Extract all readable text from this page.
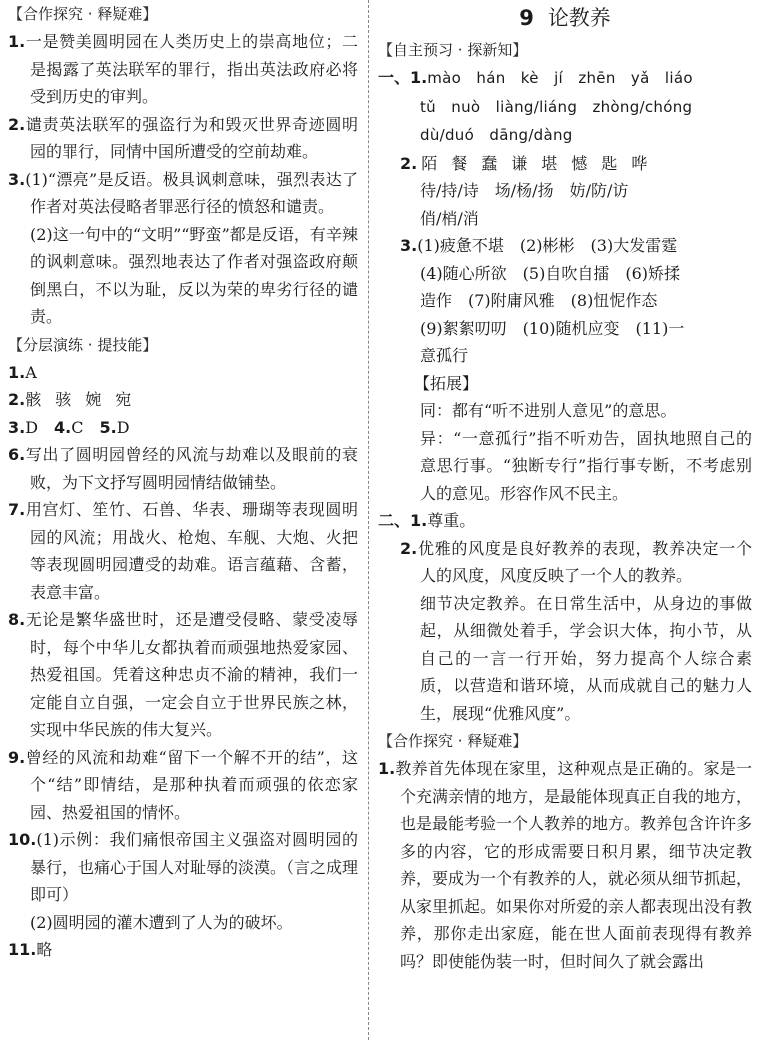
【合作探究 · 释疑难】
1.一是赞美圆明园在人类历史上的崇高地位；二是揭露了英法联军的罪行，指出英法政府必将受到历史的审判。
2.谴责英法联军的强盗行为和毁灭世界奇迹圆明园的罪行，同情中国所遭受的空前劫难。
3.(1)“漂亮”是反语。极具讽刺意味，强烈表达了作者对英法侵略者罪恶行径的愤怒和谴责。
(2)这一句中的“文明”“野蛮”都是反语，有辛辣的讽刺意味。强烈地表达了作者对强盗政府颠倒黑白，不以为耻，反以为荣的卑劣行径的谴责。
【分层演练 · 提技能】
1.A
2.骸 骇 婉 宛
3.D  4.C  5.D
6.写出了圆明园曾经的风流与劫难以及眼前的衰败，为下文抒写圆明园情结做铺垫。
7.用宫灯、笙竹、石兽、华表、珊瑚等表现圆明园的风流；用战火、枪炮、车舰、大炮、火把等表现圆明园遭受的劫难。语言蕴藉、含蓄，表意丰富。
8.无论是繁华盛世时，还是遭受侵略、蒙受凌辱时，每个中华儿女都执着而顽强地热爱家园、热爱祖国。凭着这种忠贞不渝的精神，我们一定能自立自强，一定会自立于世界民族之林，实现中华民族的伟大复兴。
9.曾经的风流和劫难“留下一个解不开的结”，这个“结”即情结，是那种执着而顽强的依恋家园、热爱祖国的情怀。
10.(1)示例：我们痛恨帝国主义强盗对圆明园的暴行，也痛心于国人对耻辱的淡漠。（言之成理即可）
(2)圆明园的灌木遭到了人为的破坏。
11.略
9 论教养
【自主预习 · 探新知】
一、1.mào　hán　kè　jí　zhēn　yǎ　liáo
tǔ　nuò　liàng/liáng　zhòng/chóng
dù/duó　dāng/dàng
2. 陌 餐 蠢 谦 堪 憾 匙 哗
待/持/诗　场/杨/扬　妨/防/访
俏/梢/消
3.(1)疲惫不堪　(2)彬彬　(3)大发雷霆
(4)随心所欲　(5)自吹自擂　(6)矫揉
造作　(7)附庸风雅　(8)忸怩作态
(9)絮絮叨叨　(10)随机应变　(11)一
意孤行
【拓展】
同：都有“听不进别人意见”的意思。
异：“一意孤行”指不听劝告，固执地照自己的意思行事。“独断专行”指行事专断，不考虑别人的意见。形容作风不民主。
二、1.尊重。
2.优雅的风度是良好教养的表现，教养决定一个人的风度，风度反映了一个人的教养。
细节决定教养。在日常生活中，从身边的事做起，从细微处着手，学会识大体，拘小节，从自己的一言一行开始，努力提高个人综合素质，以营造和谐环境，从而成就自己的魅力人生，展现“优雅风度”。
【合作探究 · 释疑难】
1.教养首先体现在家里，这种观点是正确的。家是一个充满亲情的地方，是最能体现真正自我的地方，也是最能考验一个人教养的地方。教养包含许许多多的内容，它的形成需要日积月累，细节决定教养，要成为一个有教养的人，就必须从细节抓起，从家里抓起。如果你对所爱的亲人都表现出没有教养，那你走出家庭，能在世人面前表现得有教养吗？即使能伪装一时，但时间久了就会露出
